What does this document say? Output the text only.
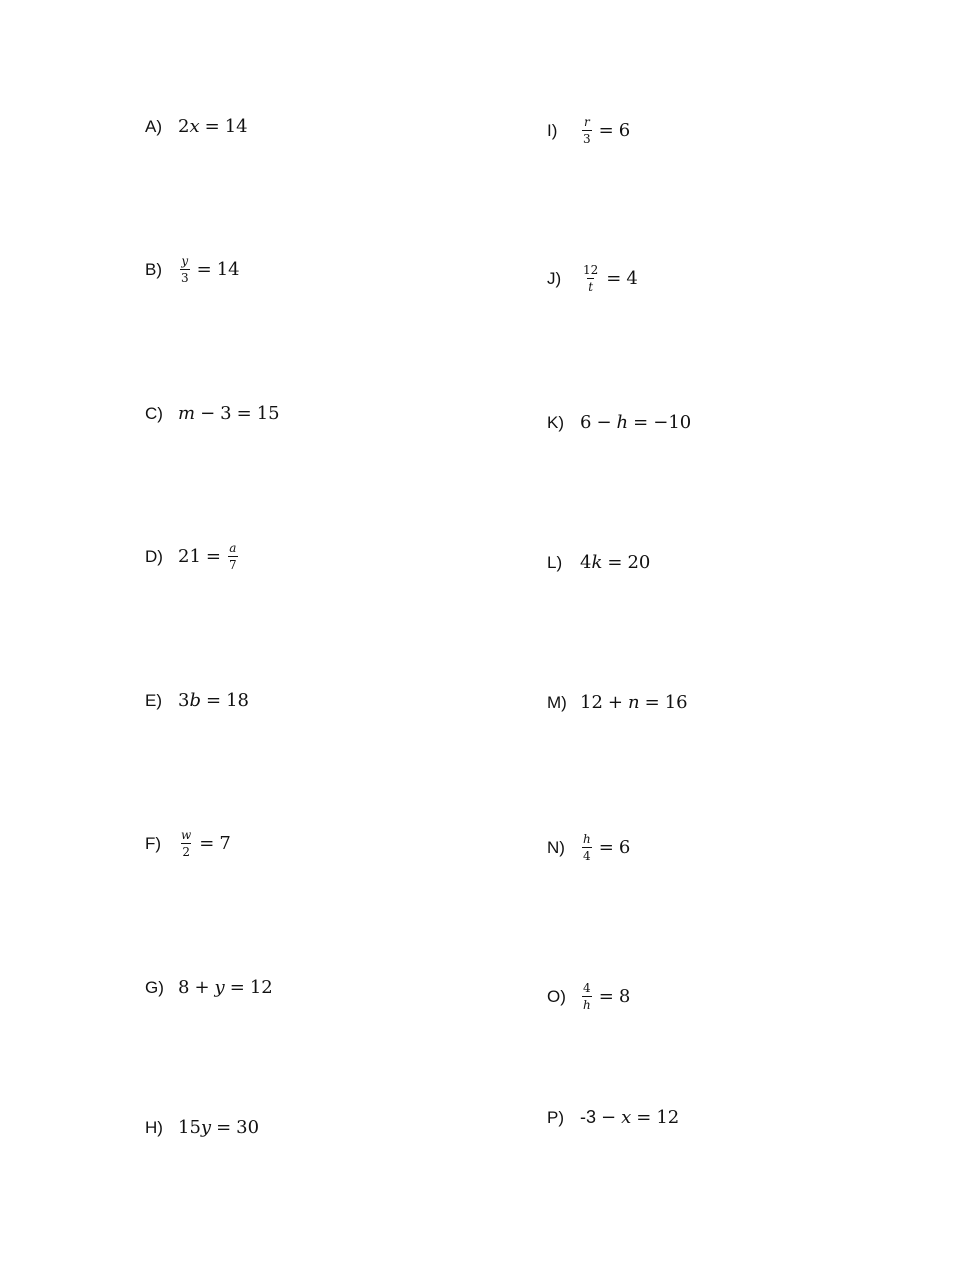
A) 2x = 14
B)	$\frac{y}{3} = 14$
C) m − 3 = 15
D) $21 = \frac{a}{7}$
E) 3b = 18
F)	$\frac{w}{2} = 7$
G) 8 + y = 12
H) 15y = 30
I)	$\frac{r}{3} = 6$
J)	$\frac{12}{t} = 4$
K) 6 − h = −10
L) 4k = 20
M) 12 + n = 16
N)	$\frac{h}{4} = 6$
O)	$\frac{4}{h} = 8$
P) -3 − x = 12
